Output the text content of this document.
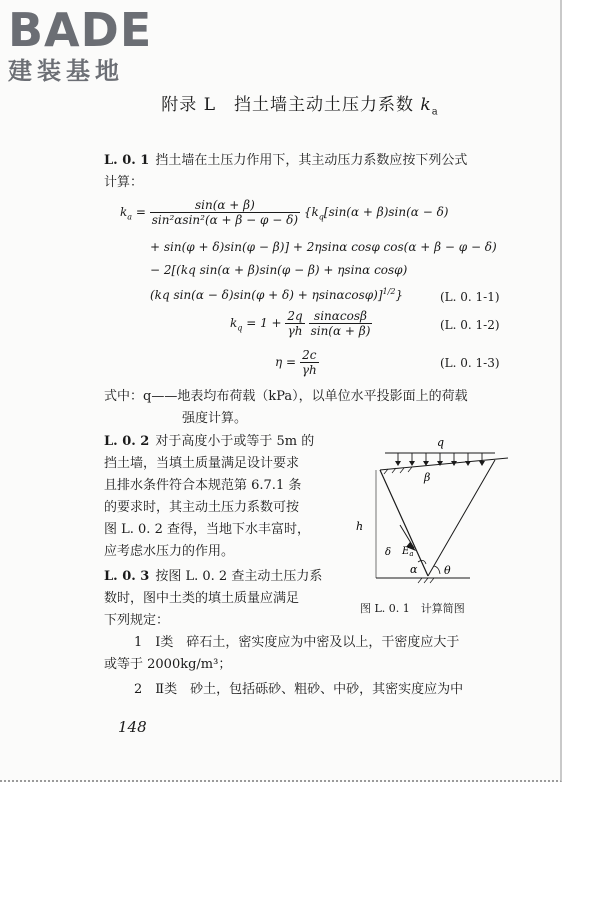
BADE
建装基地
附录 L　挡土墙主动土压力系数 $k_a$
L. 0. 1 挡土墙在土压力作用下，其主动压力系数应按下列公式
计算：
$k_a = \frac{\sin(\alpha + \beta)}{\text{sin²αsin²(α + β − φ − δ)}} \{k_q[\sin(\alpha + \beta)\sin(\alpha - \delta)$
+ sin(φ + δ)sin(φ − β)] + 2ηsinα cosφ cos(α + β − φ − δ)
− 2[(kq sin(α + β)sin(φ − β) + ηsinα cosφ)
(kq sin(α − δ)sin(φ + δ) + ηsinαcosφ)]$^{1/2}$}	(L. 0. 1-1)
$k_q = 1 + \frac{2q}{\gamma h}$
$\frac{\sin\alpha\cos\beta}{\sin(\alpha + \beta)}$	(L. 0. 1-2)
$\eta = \frac{2c}{\gamma h}$	(L. 0. 1-3)
式中：q——地表均布荷载（kPa），以单位水平投影面上的荷载
强度计算。
L. 0. 2 对于高度小于或等于 5m 的
挡土墙，当填土质量满足设计要求
且排水条件符合本规范第 6.7.1 条
的要求时，其主动土压力系数可按
图 L. 0. 2 查得，当地下水丰富时，
应考虑水压力的作用。
L. 0. 3 按图 L. 0. 2 查主动土压力系
数时，图中土类的填土质量应满足
下列规定：
q
β
h
δ $E_a$
α θ
图 L. 0. 1　计算简图
1　Ⅰ类　碎石土，密实度应为中密及以上，干密度应大于
或等于 2000kg/m³；
2　Ⅱ类　砂土，包括砾砂、粗砂、中砂，其密实度应为中
148
